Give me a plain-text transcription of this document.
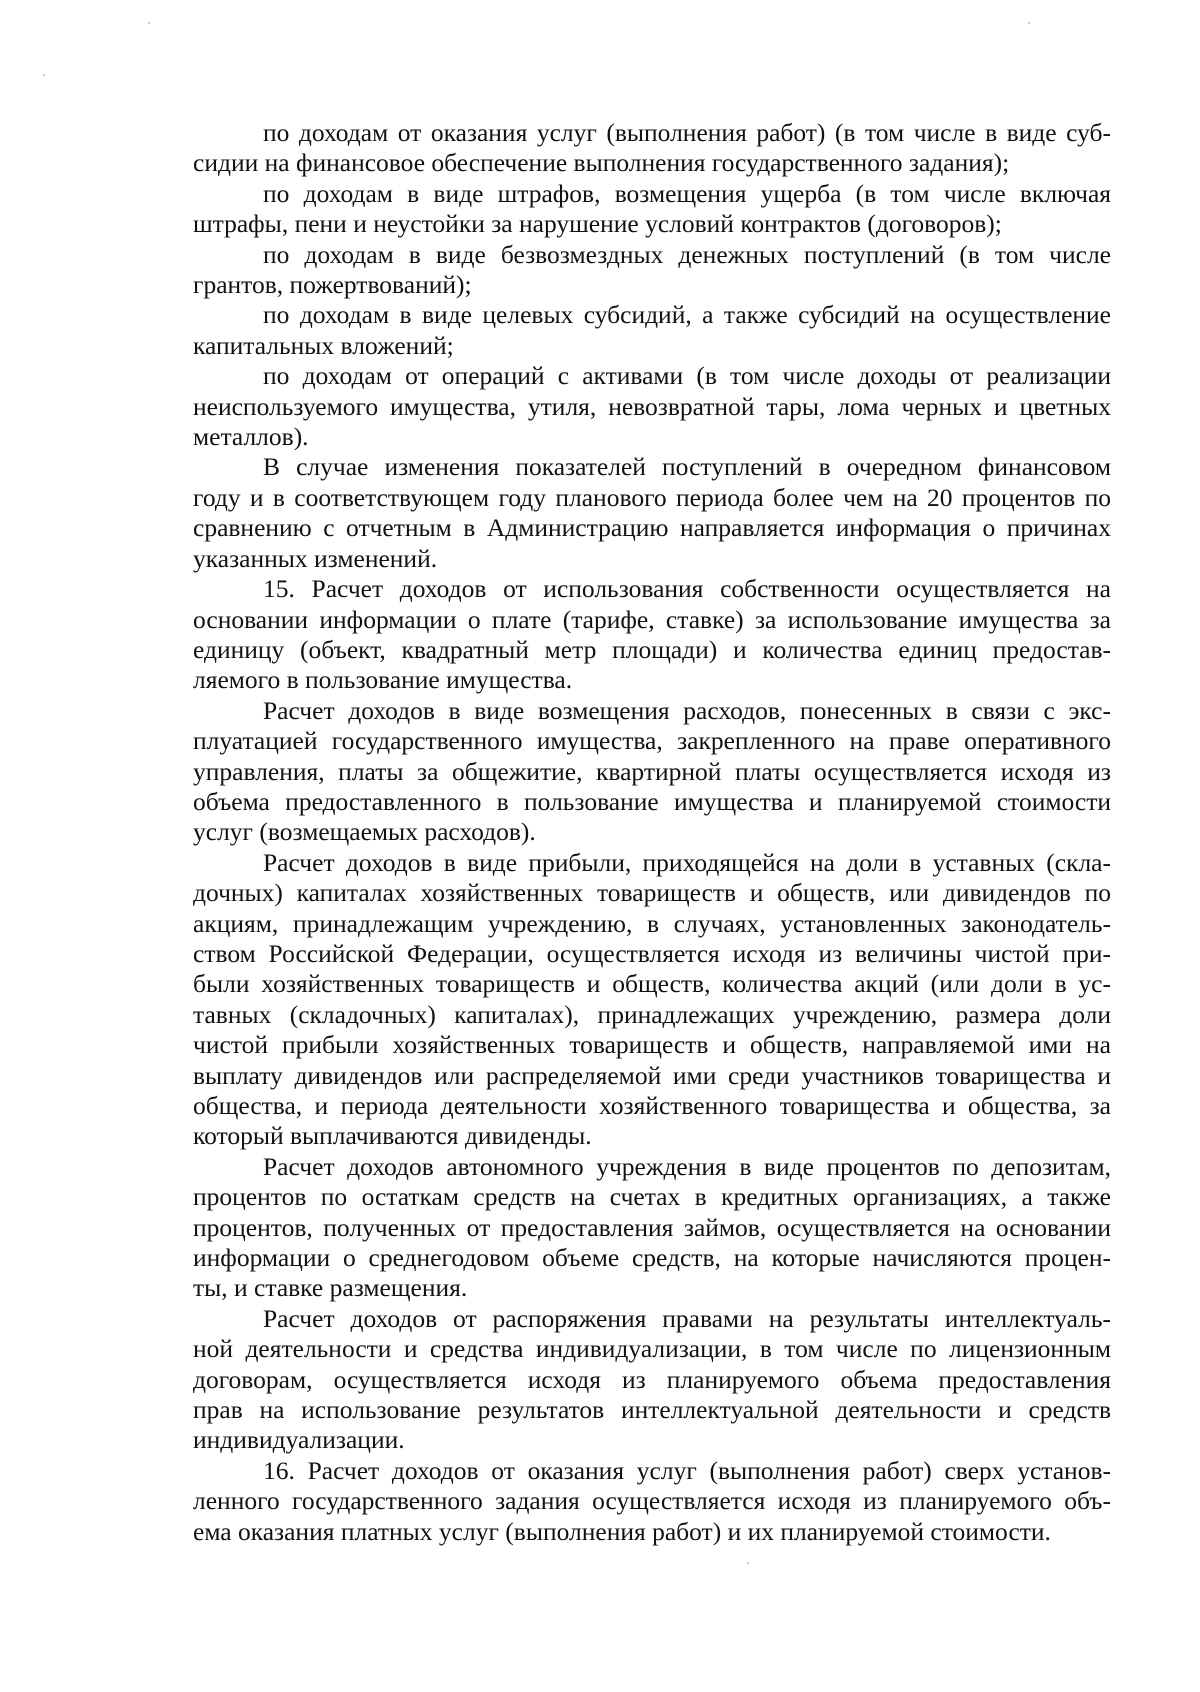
по доходам от оказания услуг (выполнения работ) (в том числе в виде суб-
сидии на финансовое обеспечение выполнения государственного задания);

по доходам в виде штрафов, возмещения ущерба (в том числе включая
штрафы, пени и неустойки за нарушение условий контрактов (договоров);

по доходам в виде безвозмездных денежных поступлений (в том числе
грантов, пожертвований);

по доходам в виде целевых субсидий, а также субсидий на осуществление
капитальных вложений;

по доходам от операций с активами (в том числе доходы от реализации
неиспользуемого имущества, утиля, невозвратной тары, лома черных и цветных
металлов).

В случае изменения показателей поступлений в очередном финансовом
году и в соответствующем году планового периода более чем на 20 процентов по
сравнению с отчетным в Администрацию направляется информация о причинах
указанных изменений.

15. Расчет доходов от использования собственности осуществляется на
основании информации о плате (тарифе, ставке) за использование имущества за
единицу (объект, квадратный метр площади) и количества единиц предостав-
ляемого в пользование имущества.

Расчет доходов в виде возмещения расходов, понесенных в связи с экс-
плуатацией государственного имущества, закрепленного на праве оперативного
управления, платы за общежитие, квартирной платы осуществляется исходя из
объема предоставленного в пользование имущества и планируемой стоимости
услуг (возмещаемых расходов).

Расчет доходов в виде прибыли, приходящейся на доли в уставных (скла-
дочных) капиталах хозяйственных товариществ и обществ, или дивидендов по
акциям, принадлежащим учреждению, в случаях, установленных законодатель-
ством Российской Федерации, осуществляется исходя из величины чистой при-
были хозяйственных товариществ и обществ, количества акций (или доли в ус-
тавных (складочных) капиталах), принадлежащих учреждению, размера доли
чистой прибыли хозяйственных товариществ и обществ, направляемой ими на
выплату дивидендов или распределяемой ими среди участников товарищества и
общества, и периода деятельности хозяйственного товарищества и общества, за
который выплачиваются дивиденды.

Расчет доходов автономного учреждения в виде процентов по депозитам,
процентов по остаткам средств на счетах в кредитных организациях, а также
процентов, полученных от предоставления займов, осуществляется на основании
информации о среднегодовом объеме средств, на которые начисляются процен-
ты, и ставке размещения.

Расчет доходов от распоряжения правами на результаты интеллектуаль-
ной деятельности и средства индивидуализации, в том числе по лицензионным
договорам, осуществляется исходя из планируемого объема предоставления
прав на использование результатов интеллектуальной деятельности и средств
индивидуализации.

16. Расчет доходов от оказания услуг (выполнения работ) сверх установ-
ленного государственного задания осуществляется исходя из планируемого объ-
ема оказания платных услуг (выполнения работ) и их планируемой стоимости.
